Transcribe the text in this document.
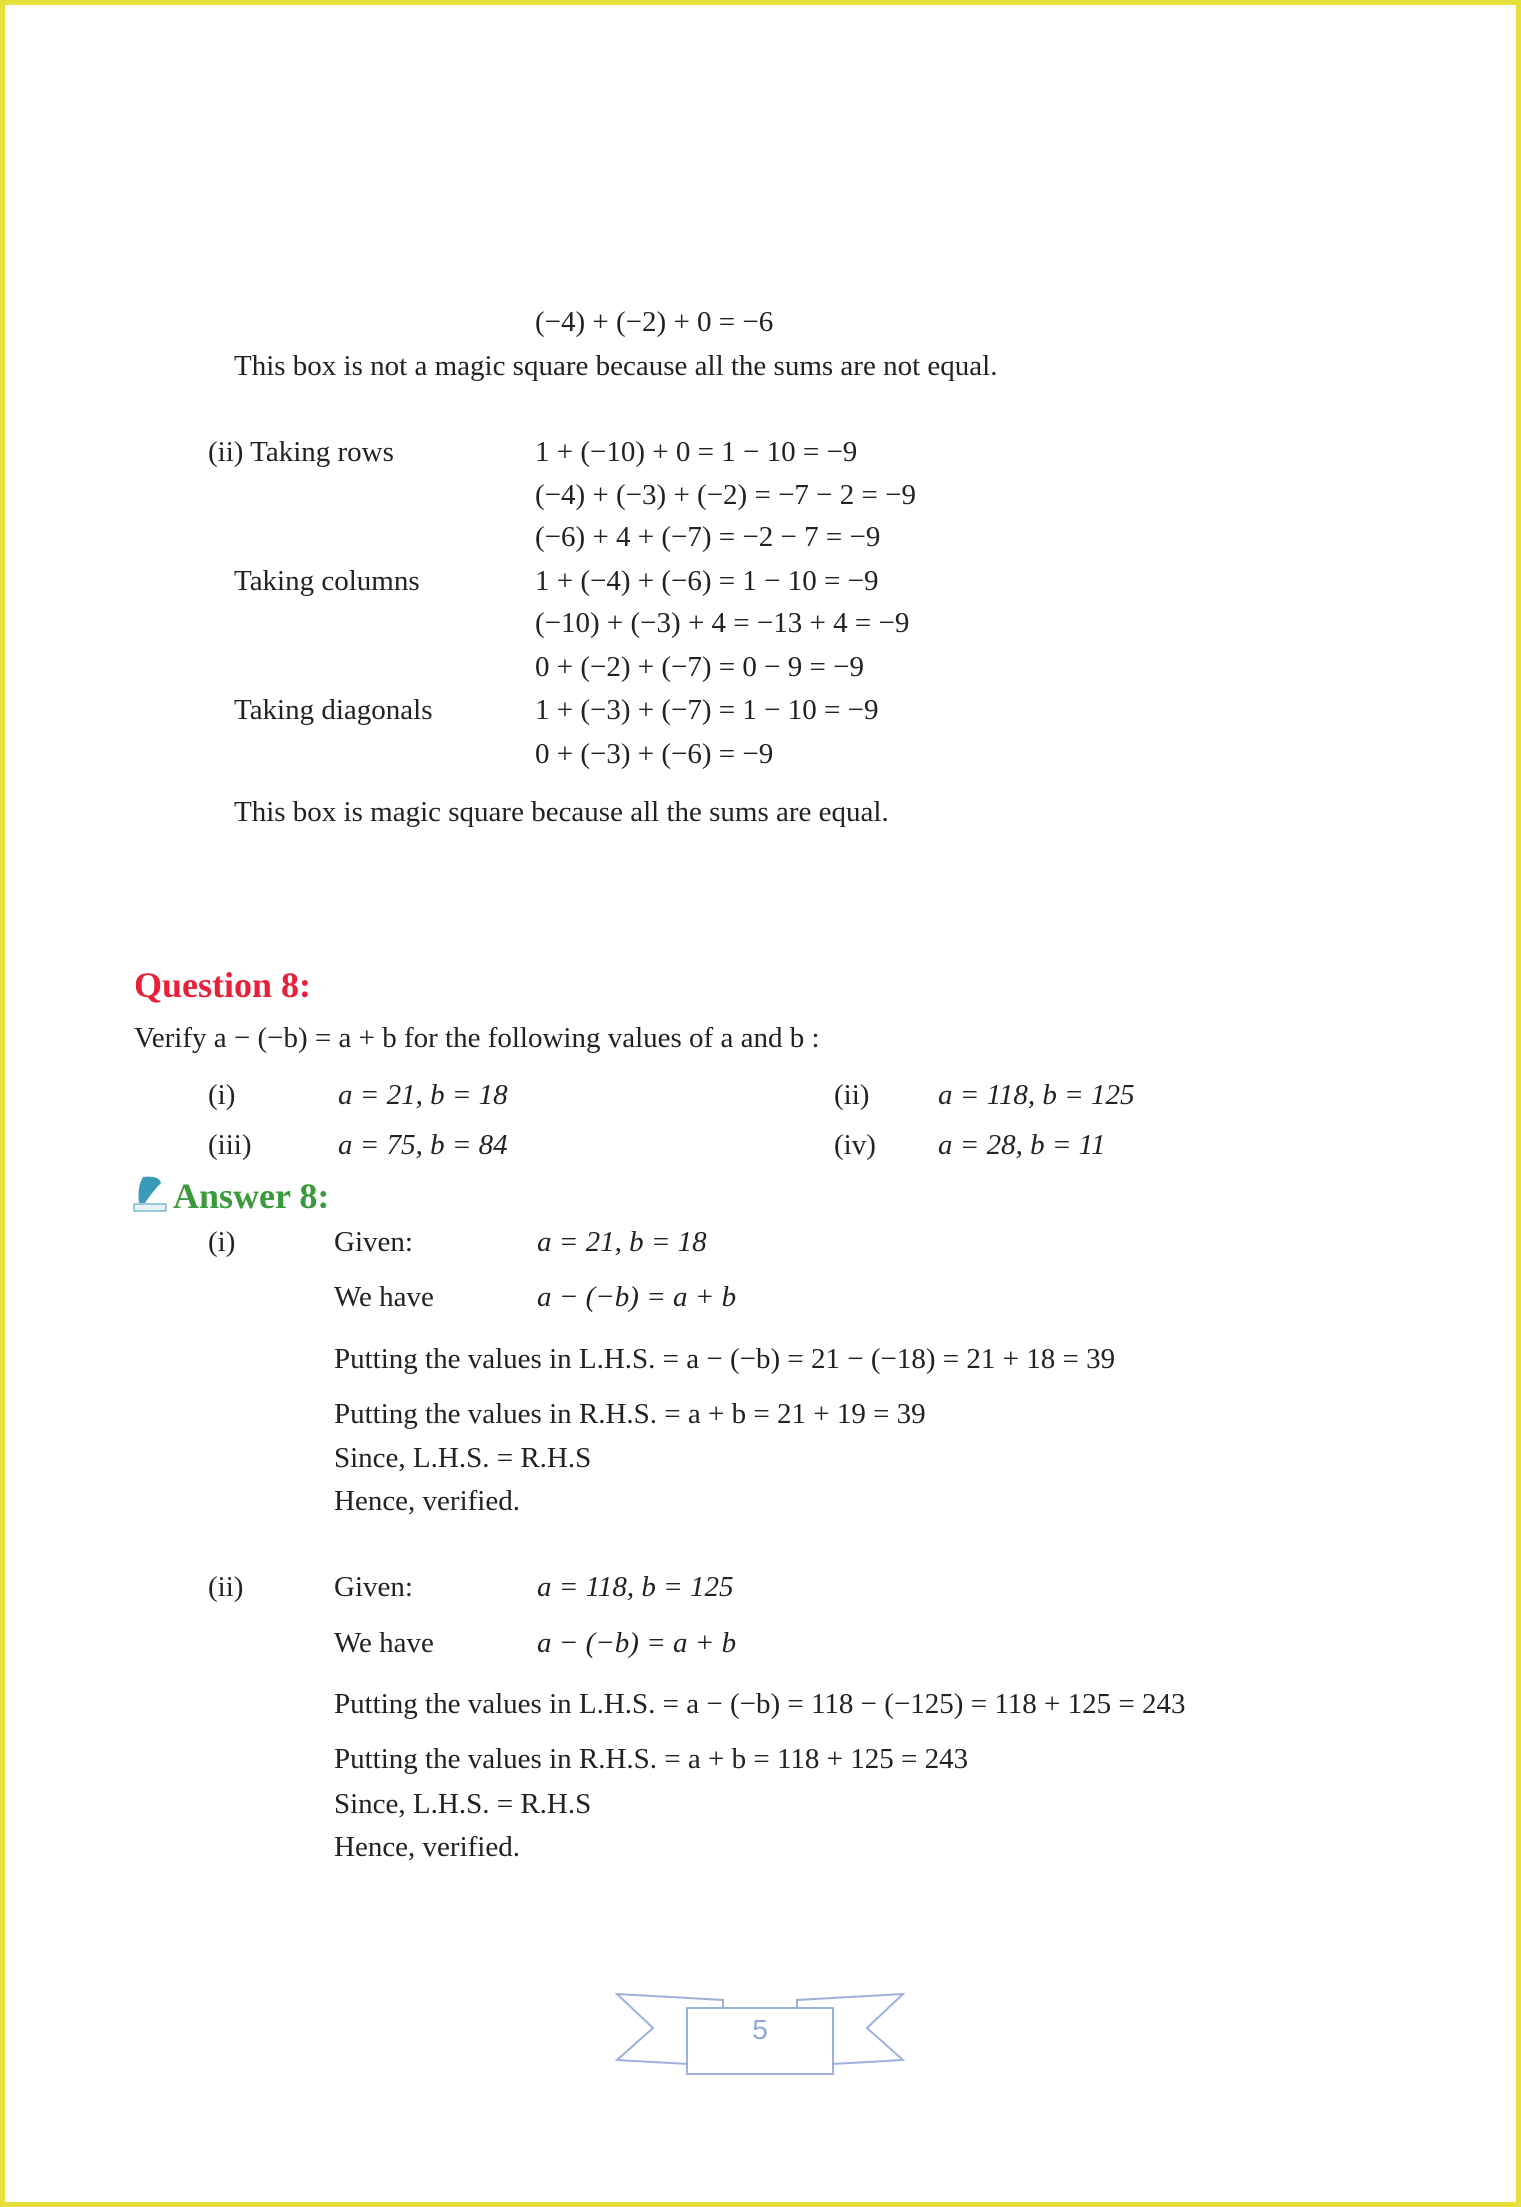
(−4) + (−2) + 0 = −6
This box is not a magic square because all the sums are not equal.
(ii) Taking rows	1 + (−10) + 0 = 1 − 10 = −9
(−4) + (−3) + (−2) = −7 − 2 = −9
(−6) + 4 + (−7) = −2 − 7 = −9
Taking columns	1 + (−4) + (−6) = 1 − 10 = −9
(−10) + (−3) + 4 = −13 + 4 = −9
0 + (−2) + (−7) = 0 − 9 = −9
Taking diagonals	1 + (−3) + (−7) = 1 − 10 = −9
0 + (−3) + (−6) = −9
This box is magic square because all the sums are equal.
Question 8:
Verify a − (−b) = a + b for the following values of a and b :
(i)	a = 21, b = 18	(ii) a = 118, b = 125
(iii)	a = 75, b = 84	(iv) a = 28, b = 11
Answer 8:
(i)	Given:	a = 21, b = 18
We have	a − (−b) = a + b
Putting the values in L.H.S. = a − (−b) = 21 − (−18) = 21 + 18 = 39
Putting the values in R.H.S. = a + b = 21 + 19 = 39
Since, L.H.S. = R.H.S
Hence, verified.
(ii)	Given:	a = 118, b = 125
We have	a − (−b) = a + b
Putting the values in L.H.S. = a − (−b) = 118 − (−125) = 118 + 125 = 243
Putting the values in R.H.S. = a + b = 118 + 125 = 243
Since, L.H.S. = R.H.S
Hence, verified.
5
